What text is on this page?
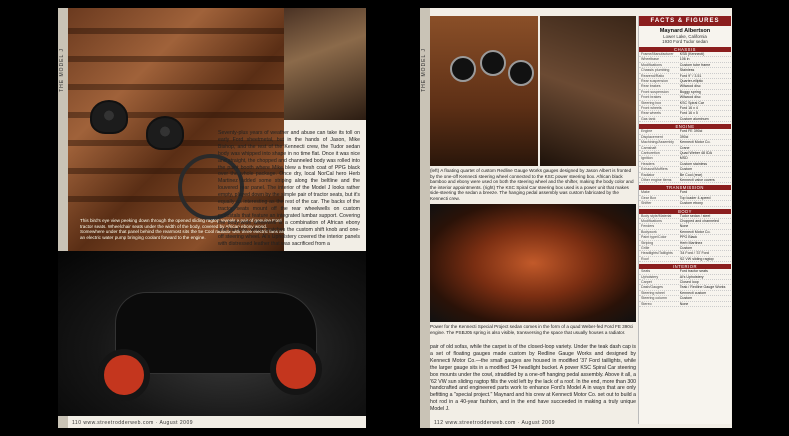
THE MODEL J
This bird's eye view peeking down through the opened sliding ragtop reveals a pair of genuine Ford tractor seats. Wheelchair seats under the width of the body, covered by African ebony wood. Somewhere under that panel behind the rearmost sits the 5e Cool radiator with three electric fans and an electric water pump bringing coolant forward to the engine.
Seventy-plus years of weather and abuse can take its toll on early Ford sheetmetal, but in the hands of Jason, Mike Bishop, and the rest of the Kennecti crew, the Tudor sedan body was whipped into shape in no time flat. Once it was nice and straight, the chopped and channeled body was rolled into the paint booth where Mike blew a fresh coat of PPG black over the whole package. Once dry, local NorCal hero Herb Martinez added some striping along the beltline and the louvered rear panel. The interior of the Model J looks rather empty, played down by the simple pair of tractor seats, but it's equally as interesting as the rest of the car. The backs of the tractor seats mount off the rear wheelwells on custom pedestals that feature an integrated lumbar support. Covering the body-wide wheelwell is a combination of African ebony and bamboo, which matches the custom shift knob and one-off steering wheel. Al's Upholstery covered the interior panels with distressed leather that was sacrificed from a
110 www.streetrodderweb.com · August 2009
THE MODEL J
(left) A floating quartet of custom Redline Gauge Works gauges designed by Jason Albert is fronted by the one-off Kennecti steering wheel connected to the KSC power steering box. African black bamboo and ebony were used on both the steering wheel and the shifter, making the body color and the interior appointments. (right) The KSC Spiral Car steering box used is a power unit that makes side-steering the sedan a breeze. The hanging pedal assembly was custom fabricated by the Kennecti crew.
Power for the Kennecti Special Project sedan comes in the form of a quad Weber-fed Ford FE 390ci engine. The PSBJ05 spring is also visible, transversing the space that usually houses a radiator.
pair of old sofas, while the carpet is of the closed-loop variety. Under the teak dash cap is a set of floating gauges made custom by Redline Gauge Works and designed by Kennecti Motor Co.—the small gauges are housed in modified '37 Ford taillights, while the larger gauge sits in a modified '34 headlight bucket. A power KSC Spiral Car steering box mounts under the cowl, straddled by a one-off hanging pedal assembly. Above it all, a '62 VW sun sliding ragtop fills the void left by the lack of a roof. In the end, more than 300 handcrafted and engineered parts work to enhance Ford's Model A in ways that are only befitting a "special project." Maynard and his crew at Kennecti Motor Co. set out to build a hot rod in a 40-year fashion, and in the end have succeeded in making a truly unique Model J.
FACTS & FIGURES
Maynard Albertson
Lower Lake, California
1930 Ford Tudor sedan
CHASSIS
Frame/Manufacturer	KSB (Kennecti)
Wheelbase	106 in
Modifications	Custom tube frame
Chassis plumbing	Stainless
Rearend/Ratio	Ford 9" / 3.51
Rear suspension	Quarter-elliptic
Rear brakes	Wilwood disc
Front suspension	Buggy spring
Front brakes	Wilwood disc
Steering box	KSC Spiral Car
Front wheels	Ford 16 x 4
Rear wheels	Ford 16 x 5
Gas tank	Custom aluminum
ENGINE
Engine	Ford FE 390ci
Displacement	390ci
Machining/Assembly	Kennecti Motor Co.
Camshaft	Crane
Carburetion	Quad Weber 48 IDA
Ignition	MSD
Headers	Custom stainless
Exhaust/Mufflers	Custom
Radiator	Be Cool (rear)
Other engine items	Kennecti valve covers
TRANSMISSION
Make	Ford
Gear Box	Top loader 4-speed
Shifter	Custom ebony
BODY
Body style/Material	Tudor sedan / steel
Modifications	Chopped and channeled
Fenders	None
Bodywork	Kennecti Motor Co.
Paint type/Color	PPG Black
Striping	Herb Martinez
Grille	Custom
Headlights/Taillights	'34 Ford / '37 Ford
Roof	'62 VW sliding ragtop
INTERIOR
Seats	Ford tractor seats
Upholstery	Al's Upholstery
Carpet	Closed loop
Dash/Gauges	Teak / Redline Gauge Works
Steering wheel	Kennecti custom
Steering column	Custom
Stereo	None
112 www.streetrodderweb.com · August 2009
